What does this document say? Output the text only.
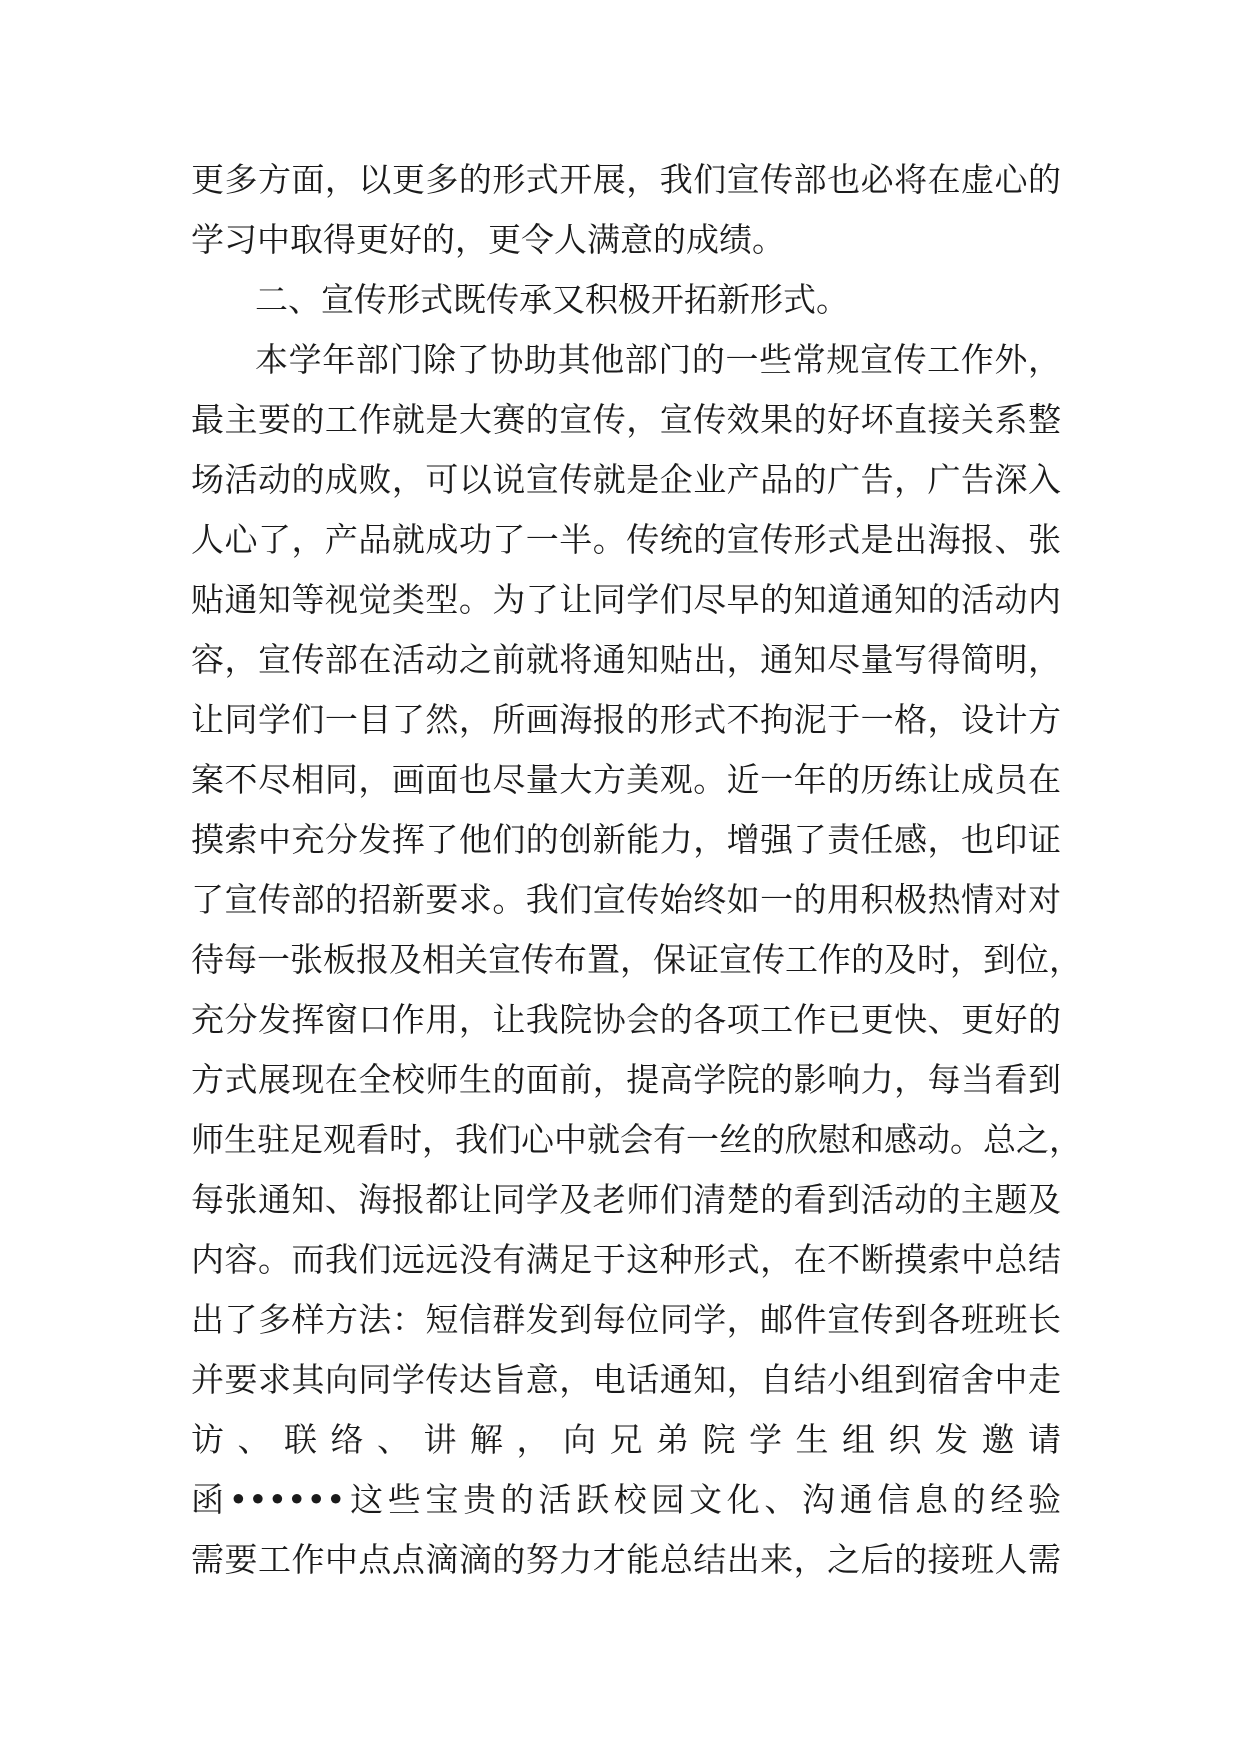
更多方面，以更多的形式开展，我们宣传部也必将在虚心的
学习中取得更好的，更令人满意的成绩。
二、宣传形式既传承又积极开拓新形式。
本学年部门除了协助其他部门的一些常规宣传工作外，
最主要的工作就是大赛的宣传，宣传效果的好坏直接关系整
场活动的成败，可以说宣传就是企业产品的广告，广告深入
人心了，产品就成功了一半。传统的宣传形式是出海报、张
贴通知等视觉类型。为了让同学们尽早的知道通知的活动内
容，宣传部在活动之前就将通知贴出，通知尽量写得简明，
让同学们一目了然，所画海报的形式不拘泥于一格，设计方
案不尽相同，画面也尽量大方美观。近一年的历练让成员在
摸索中充分发挥了他们的创新能力，增强了责任感，也印证
了宣传部的招新要求。我们宣传始终如一的用积极热情对对
待每一张板报及相关宣传布置，保证宣传工作的及时，到位，
充分发挥窗口作用，让我院协会的各项工作已更快、更好的
方式展现在全校师生的面前，提高学院的影响力，每当看到
师生驻足观看时，我们心中就会有一丝的欣慰和感动。总之，
每张通知、海报都让同学及老师们清楚的看到活动的主题及
内容。而我们远远没有满足于这种形式，在不断摸索中总结
出了多样方法：短信群发到每位同学，邮件宣传到各班班长
并要求其向同学传达旨意，电话通知，自结小组到宿舍中走
访 、 联 络 、 讲 解 ， 向 兄 弟 院 学 生 组 织 发 邀 请
函••••••这些宝贵的活跃校园文化、沟通信息的经验
需要工作中点点滴滴的努力才能总结出来，之后的接班人需
